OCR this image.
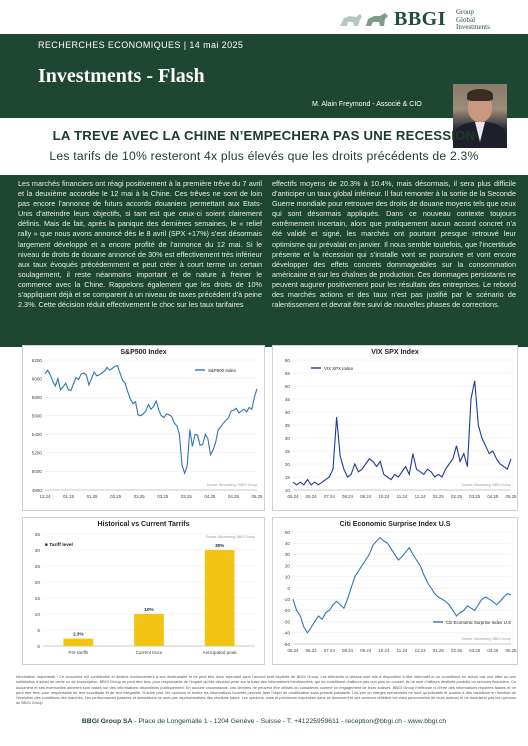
BBGI Group
Global
Investments
RECHERCHES ECONOMIQUES | 14 mai 2025
Investments - Flash
M. Alain Freymond - Associé & CIO
LA TREVE AVEC LA CHINE N’EMPECHERA PAS UNE RECESSION
Les tarifs de 10% resteront 4x plus élevés que les droits précédents de 2.3%
Les marchés financiers ont réagi positivement à la première trêve du 7 avril et la deuxième accordée le 12 mai à la Chine. Ces trêves ne sont de loin pas encore l’annonce de futurs accords douaniers permettant aux Etats-Unis d’atteindre leurs objectifs, si tant est que ceux-ci soient clairement définis. Mais de fait, après la panique des dernières semaines, le « relief rally » que nous avons annoncé dès le 8 avril (SPX +17%) s’est désormais largement développé et a encore profité de l’annonce du 12 mai. Si le niveau de droits de douane annoncé de 30% est effectivement très inférieur aux taux évoqués précédemment et peut créer à court terme un certain soulagement, il reste néanmoins important et de nature à freiner le commerce avec la Chine. Rappelons également que les droits de 10% s’appliquent déjà et se comparent à un niveau de taxes précédent d’à peine 2.3%. Cette décision réduit effectivement le choc sur les taux tarifaires
effectifs moyens de 20.3% à 10.4%, mais désormais, il sera plus difficile d’anticiper un taux global inférieur. Il faut remonter à la sortie de la Seconde Guerre mondiale pour retrouver des droits de douane moyens tels que ceux qui sont désormais appliqués. Dans ce nouveau contexte toujours extrêmement incertain, alors que pratiquement aucun accord concret n’a été validé et signé, les marchés ont pourtant presque retrouvé leur optimisme qui prévalait en janvier. Il nous semble toutefois, que l’incertitude présente et la récession qui s’installe vont se poursuivre et vont encore développer des effets concrets dommageables sur la consommation américaine et sur les chaînes de production. Ces dommages persistants ne peuvent augurer positivement pour les résultats des entreprises. Le rebond des marchés actions et des taux n’est pas justifié par le scénario de ralentissement et devrait être suivi de nouvelles phases de corrections.
S&P500 Index
6200
6000
5800
5600
5400
5200
5000
4800
12.24	01.25	01.25	02.25	02.25	03.25	03.25	04.25	04.25	05.25
S&P500 Index
Source: Bloomberg / BBGI Group
VIX SPX Index
60
55
50
45
40
35
30
25
20
15
10
05.24 06.24 07.24 08.24 09.24 10.24 11.24 12.24 01.25 02.25 03.25 04.25 05.25
VIX SPX Index
Source: Bloomberg, BBGI Group
Historical vs Current Tarrifs
35
30
25
20
15
10
5
0
■ Tariff level
2.3%
Pre-tariffs
10%
Current truce
30%
Anticipated peak
Source: Bloomberg, BBGI Group
Citi Economic Surprise Index U.S
50
40
30
20
10
0
-10
-20
-30
-40
-50
05.24 06.24 07.24 08.24 09.24 10.24 11.24 12.24 01.25 02.25 03.25 04.25 05.25
Citi Economic Surprise Index U.S
Source: Bloomberg, BBGI Group
Information importante : Ce document est confidentiel et destiné exclusivement à son destinataire et ne peut être donc reproduit sans l’accord écrit explicite de BBGI Group. Les éléments ci-dessus sont mis à disposition à titre informatif et ne constituent en aucun cas une offre ou une sollicitation d’achat de vente ou de souscription. BBGI Group ne peut être tenu pour responsable de l’impact qu’elle décision prise sur la base des informations mentionnées, qui ne constituent d’ailleurs pas non plus un conseil, ils ne sont d’ailleurs destinés produits ou services financiers. Ce document et ses éventuelles annexes sont basés sur des informations disponibles publiquement. En aucune circonstance, ces derniers ne peuvent être utilisés ou considérés comme un engagement de leurs auteurs. BBGI Group n’effectue ni d’être des informations réputées fiables et ne peut être tenu pour responsable de leur exactitude et de leur intégralité. D’autre part, les opinions et toutes les informations fournies peuvent faire l’objet de modification sans préavis préalable. Les prix ou marges mentionnés ne sont qu’indicatifs et soumis à des variations en fonction de l’évolution des conditions des marchés. Les performances passées et simulations ne sont pas représentatives des résultats futurs. Les opinions, vues et prévisions exprimées dans ce document et ses annexes reflètent les vues personnelles de leurs auteurs et ne traduisent pas les opinions de BBGI Group.
BBGI Group SA - Place de Longemalle 1 - 1204 Genève - Suisse - T: +41225959611 - reception@bbgi.ch - www.bbgi.ch
